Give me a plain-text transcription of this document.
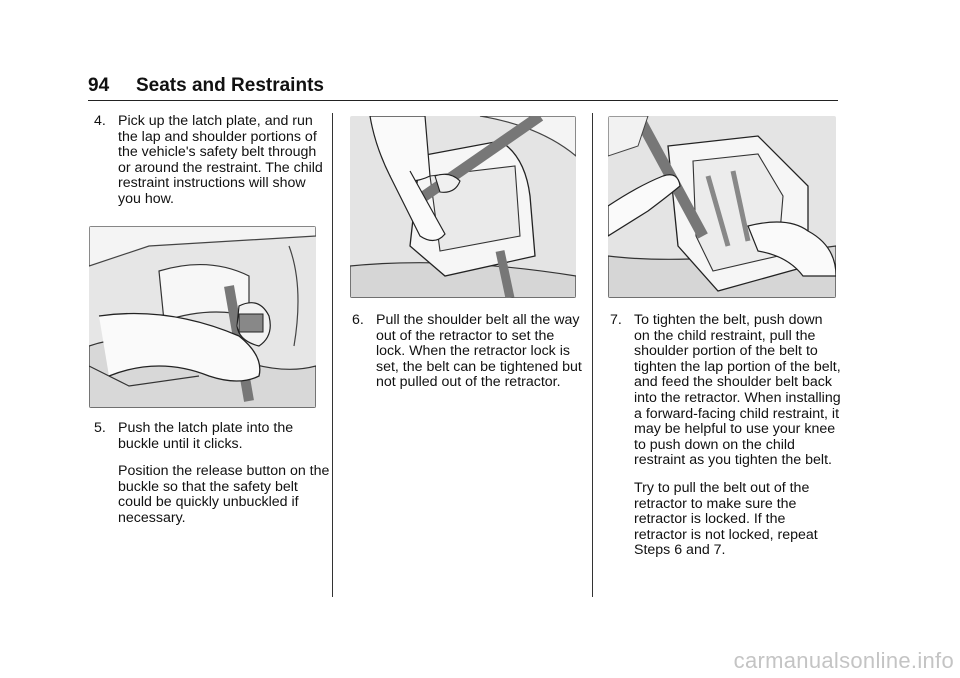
94 Seats and Restraints

4. Pick up the latch plate, and run the lap and shoulder portions of the vehicle's safety belt through or around the restraint. The child restraint instructions will show you how.

5. Push the latch plate into the buckle until it clicks.

Position the release button on the buckle so that the safety belt could be quickly unbuckled if necessary.

6. Pull the shoulder belt all the way out of the retractor to set the lock. When the retractor lock is set, the belt can be tightened but not pulled out of the retractor.

7. To tighten the belt, push down on the child restraint, pull the shoulder portion of the belt to tighten the lap portion of the belt, and feed the shoulder belt back into the retractor. When installing a forward-facing child restraint, it may be helpful to use your knee to push down on the child restraint as you tighten the belt.

Try to pull the belt out of the retractor to make sure the retractor is locked. If the retractor is not locked, repeat Steps 6 and 7.

carmanualsonline.info
